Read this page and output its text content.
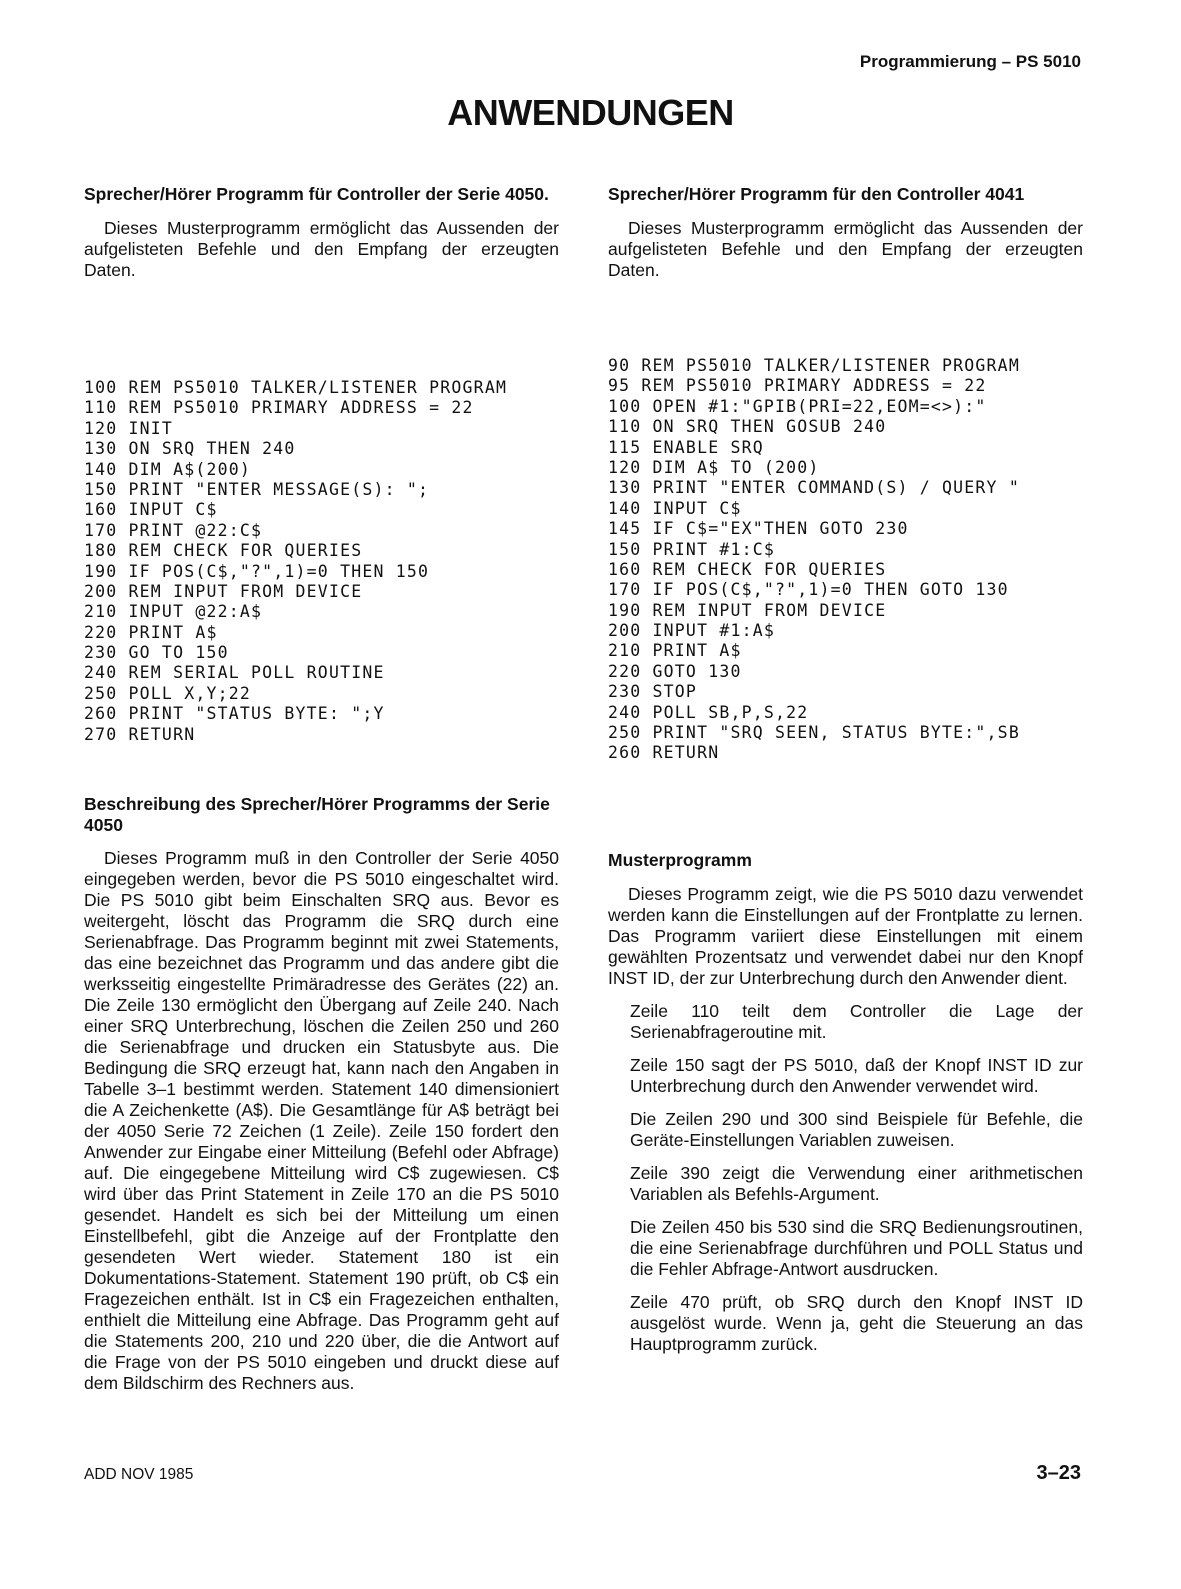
Programmierung – PS 5010
ANWENDUNGEN
Sprecher/Hörer Programm für Controller der Serie 4050.

Dieses Musterprogramm ermöglicht das Aussenden der aufgelisteten Befehle und den Empfang der erzeugten Daten.

100 REM PS5010 TALKER/LISTENER PROGRAM
110 REM PS5010 PRIMARY ADDRESS = 22
120 INIT
130 ON SRQ THEN 240
140 DIM A$(200)
150 PRINT "ENTER MESSAGE(S): ";
160 INPUT C$
170 PRINT @22:C$
180 REM CHECK FOR QUERIES
190 IF POS(C$,"?",1)=0 THEN 150
200 REM INPUT FROM DEVICE
210 INPUT @22:A$
220 PRINT A$
230 GO TO 150
240 REM SERIAL POLL ROUTINE
250 POLL X,Y;22
260 PRINT "STATUS BYTE: ";Y
270 RETURN
Beschreibung des Sprecher/Hörer Programms der Serie 4050

Dieses Programm muß in den Controller der Serie 4050 eingegeben werden, bevor die PS 5010 eingeschaltet wird. Die PS 5010 gibt beim Einschalten SRQ aus. Bevor es weitergeht, löscht das Programm die SRQ durch eine Serienabfrage. Das Programm beginnt mit zwei Statements, das eine bezeichnet das Programm und das andere gibt die werksseitig eingestellte Primäradresse des Gerätes (22) an. Die Zeile 130 ermöglicht den Übergang auf Zeile 240. Nach einer SRQ Unterbrechung, löschen die Zeilen 250 und 260 die Serienabfrage und drucken ein Statusbyte aus. Die Bedingung die SRQ erzeugt hat, kann nach den Angaben in Tabelle 3–1 bestimmt werden. Statement 140 dimensioniert die A Zeichenkette (A$). Die Gesamtlänge für A$ beträgt bei der 4050 Serie 72 Zeichen (1 Zeile). Zeile 150 fordert den Anwender zur Eingabe einer Mitteilung (Befehl oder Abfrage) auf. Die eingegebene Mitteilung wird C$ zugewiesen. C$ wird über das Print Statement in Zeile 170 an die PS 5010 gesendet. Handelt es sich bei der Mitteilung um einen Einstellbefehl, gibt die Anzeige auf der Frontplatte den gesendeten Wert wieder. Statement 180 ist ein Dokumentations-Statement. Statement 190 prüft, ob C$ ein Fragezeichen enthält. Ist in C$ ein Fragezeichen enthalten, enthielt die Mitteilung eine Abfrage. Das Programm geht auf die Statements 200, 210 und 220 über, die die Antwort auf die Frage von der PS 5010 eingeben und druckt diese auf dem Bildschirm des Rechners aus.

Sprecher/Hörer Programm für den Controller 4041

Dieses Musterprogramm ermöglicht das Aussenden der aufgelisteten Befehle und den Empfang der erzeugten Daten.

90 REM PS5010 TALKER/LISTENER PROGRAM
95 REM PS5010 PRIMARY ADDRESS = 22
100 OPEN #1:"GPIB(PRI=22,EOM=<>):"
110 ON SRQ THEN GOSUB 240
115 ENABLE SRQ
120 DIM A$ TO (200)
130 PRINT "ENTER COMMAND(S) / QUERY "
140 INPUT C$
145 IF C$="EX"THEN GOTO 230
150 PRINT #1:C$
160 REM CHECK FOR QUERIES
170 IF POS(C$,"?",1)=0 THEN GOTO 130
190 REM INPUT FROM DEVICE
200 INPUT #1:A$
210 PRINT A$
220 GOTO 130
230 STOP
240 POLL SB,P,S,22
250 PRINT "SRQ SEEN, STATUS BYTE:",SB
260 RETURN
Musterprogramm

Dieses Programm zeigt, wie die PS 5010 dazu verwendet werden kann die Einstellungen auf der Frontplatte zu lernen. Das Programm variiert diese Einstellungen mit einem gewählten Prozentsatz und verwendet dabei nur den Knopf INST ID, der zur Unterbrechung durch den Anwender dient.

Zeile 110 teilt dem Controller die Lage der Serienabfrageroutine mit.
Zeile 150 sagt der PS 5010, daß der Knopf INST ID zur Unterbrechung durch den Anwender verwendet wird.
Die Zeilen 290 und 300 sind Beispiele für Befehle, die Geräte-Einstellungen Variablen zuweisen.
Zeile 390 zeigt die Verwendung einer arithmetischen Variablen als Befehls-Argument.
Die Zeilen 450 bis 530 sind die SRQ Bedienungsroutinen, die eine Serienabfrage durchführen und POLL Status und die Fehler Abfrage-Antwort ausdrucken.
Zeile 470 prüft, ob SRQ durch den Knopf INST ID ausgelöst wurde. Wenn ja, geht die Steuerung an das Hauptprogramm zurück.
ADD NOV 1985	3–23
